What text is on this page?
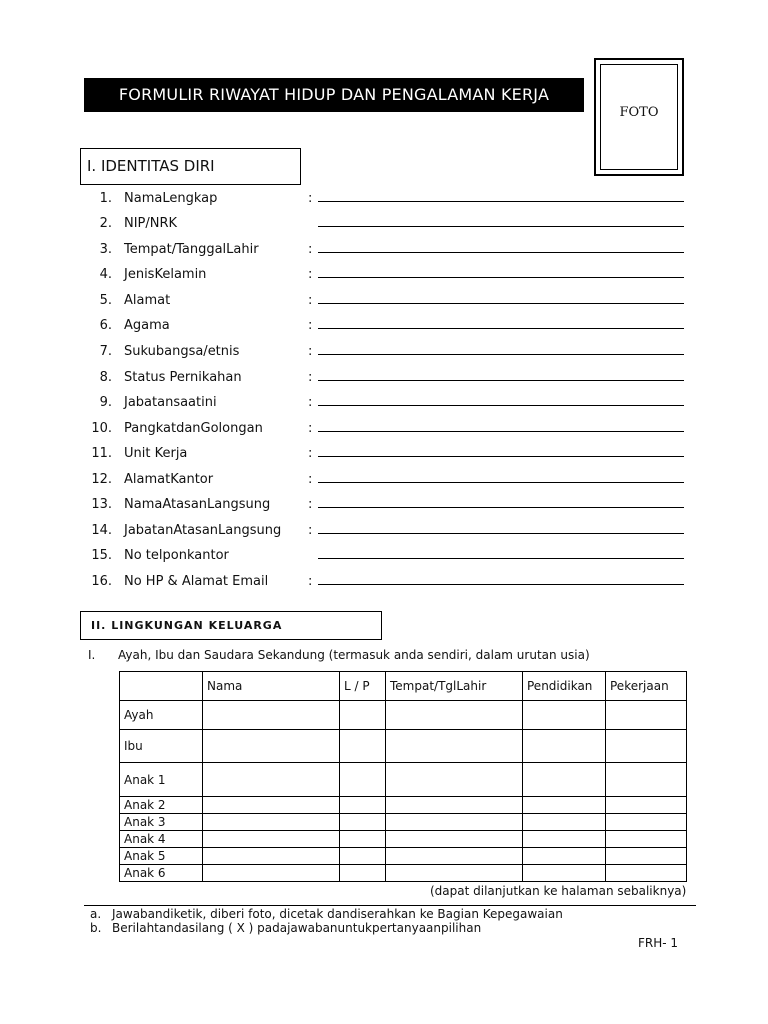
FORMULIR RIWAYAT HIDUP DAN PENGALAMAN KERJA
FOTO
I. IDENTITAS DIRI
1. NamaLengkap	:
2. NIP/NRK
3. Tempat/TanggalLahir	:
4. JenisKelamin	:
5. Alamat	:
6. Agama	:
7. Sukubangsa/etnis	:
8. Status Pernikahan	:
9. Jabatansaatini	:
10. PangkatdanGolongan	:
11. Unit Kerja	:
12. AlamatKantor	:
13. NamaAtasanLangsung	:
14. JabatanAtasanLangsung :
15. No telponkantor
16. No HP & Alamat Email	:
II. LINGKUNGAN KELUARGA
I. Ayah, Ibu dan Saudara Sekandung (termasuk anda sendiri, dalam urutan usia)
	Nama	L / P	Tempat/TglLahir	Pendidikan	Pekerjaan
Ayah					
Ibu					
Anak 1					
Anak 2					
Anak 3					
Anak 4					
Anak 5					
Anak 6					
(dapat dilanjutkan ke halaman sebaliknya)
a. Jawabandiketik, diberi foto, dicetak dandiserahkan ke Bagian Kepegawaian
b. Berilahtandasilang ( X ) padajawabanuntukpertanyaanpilihan
FRH- 1
